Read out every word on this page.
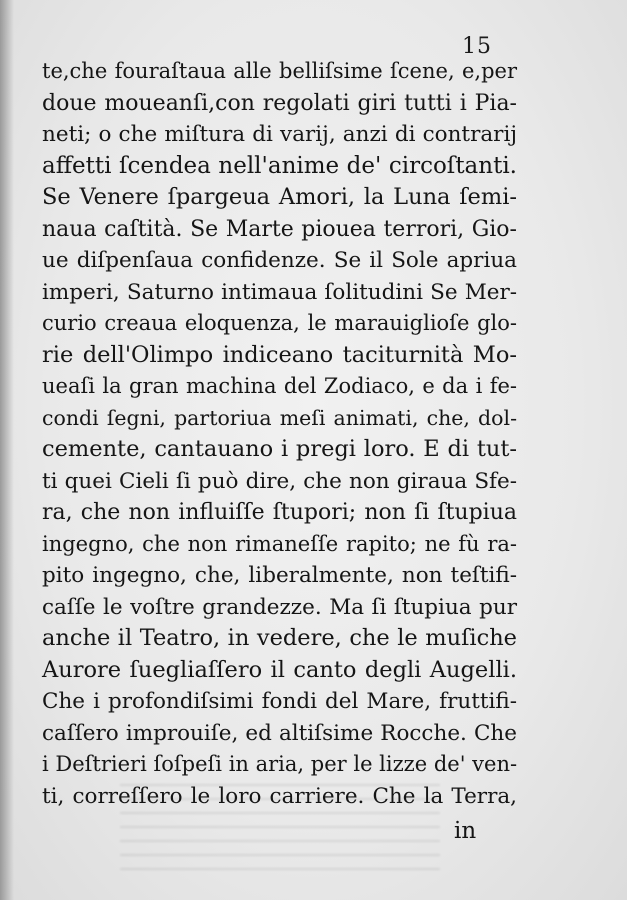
15
te,che fouraſtaua alle belliſsime ſcene, e,per
doue moueanſi,con regolati giri tutti i Pia-
neti; o che miſtura di varij, anzi di contrarij
affetti ſcendea nell'anime de' circoſtanti.
Se Venere ſpargeua Amori, la Luna ſemi-
naua caſtità. Se Marte piouea terrori, Gio-
ue diſpenſaua confidenze. Se il Sole apriua
imperi, Saturno intimaua ſolitudini Se Mer-
curio creaua eloquenza, le marauiglioſe glo-
rie dell'Olimpo indiceano taciturnità Mo-
ueaſi la gran machina del Zodiaco, e da i fe-
condi ſegni, partoriua meſi animati, che, dol-
cemente, cantauano i pregi loro. E di tut-
ti quei Cieli ſi può dire, che non giraua Sfe-
ra, che non influiſſe ſtupori; non ſi ſtupiua
ingegno, che non rimaneſſe rapito; ne fù ra-
pito ingegno, che, liberalmente, non teſtifi-
caſſe le voſtre grandezze. Ma ſi ſtupiua pur
anche il Teatro, in vedere, che le muſiche
Aurore ſuegliaſſero il canto degli Augelli.
Che i profondiſsimi fondi del Mare, fruttifi-
caſſero improuiſe, ed altiſsime Rocche. Che
i Deſtrieri ſoſpeſi in aria, per le lizze de' ven-
ti, correſſero le loro carriere. Che la Terra,
in
